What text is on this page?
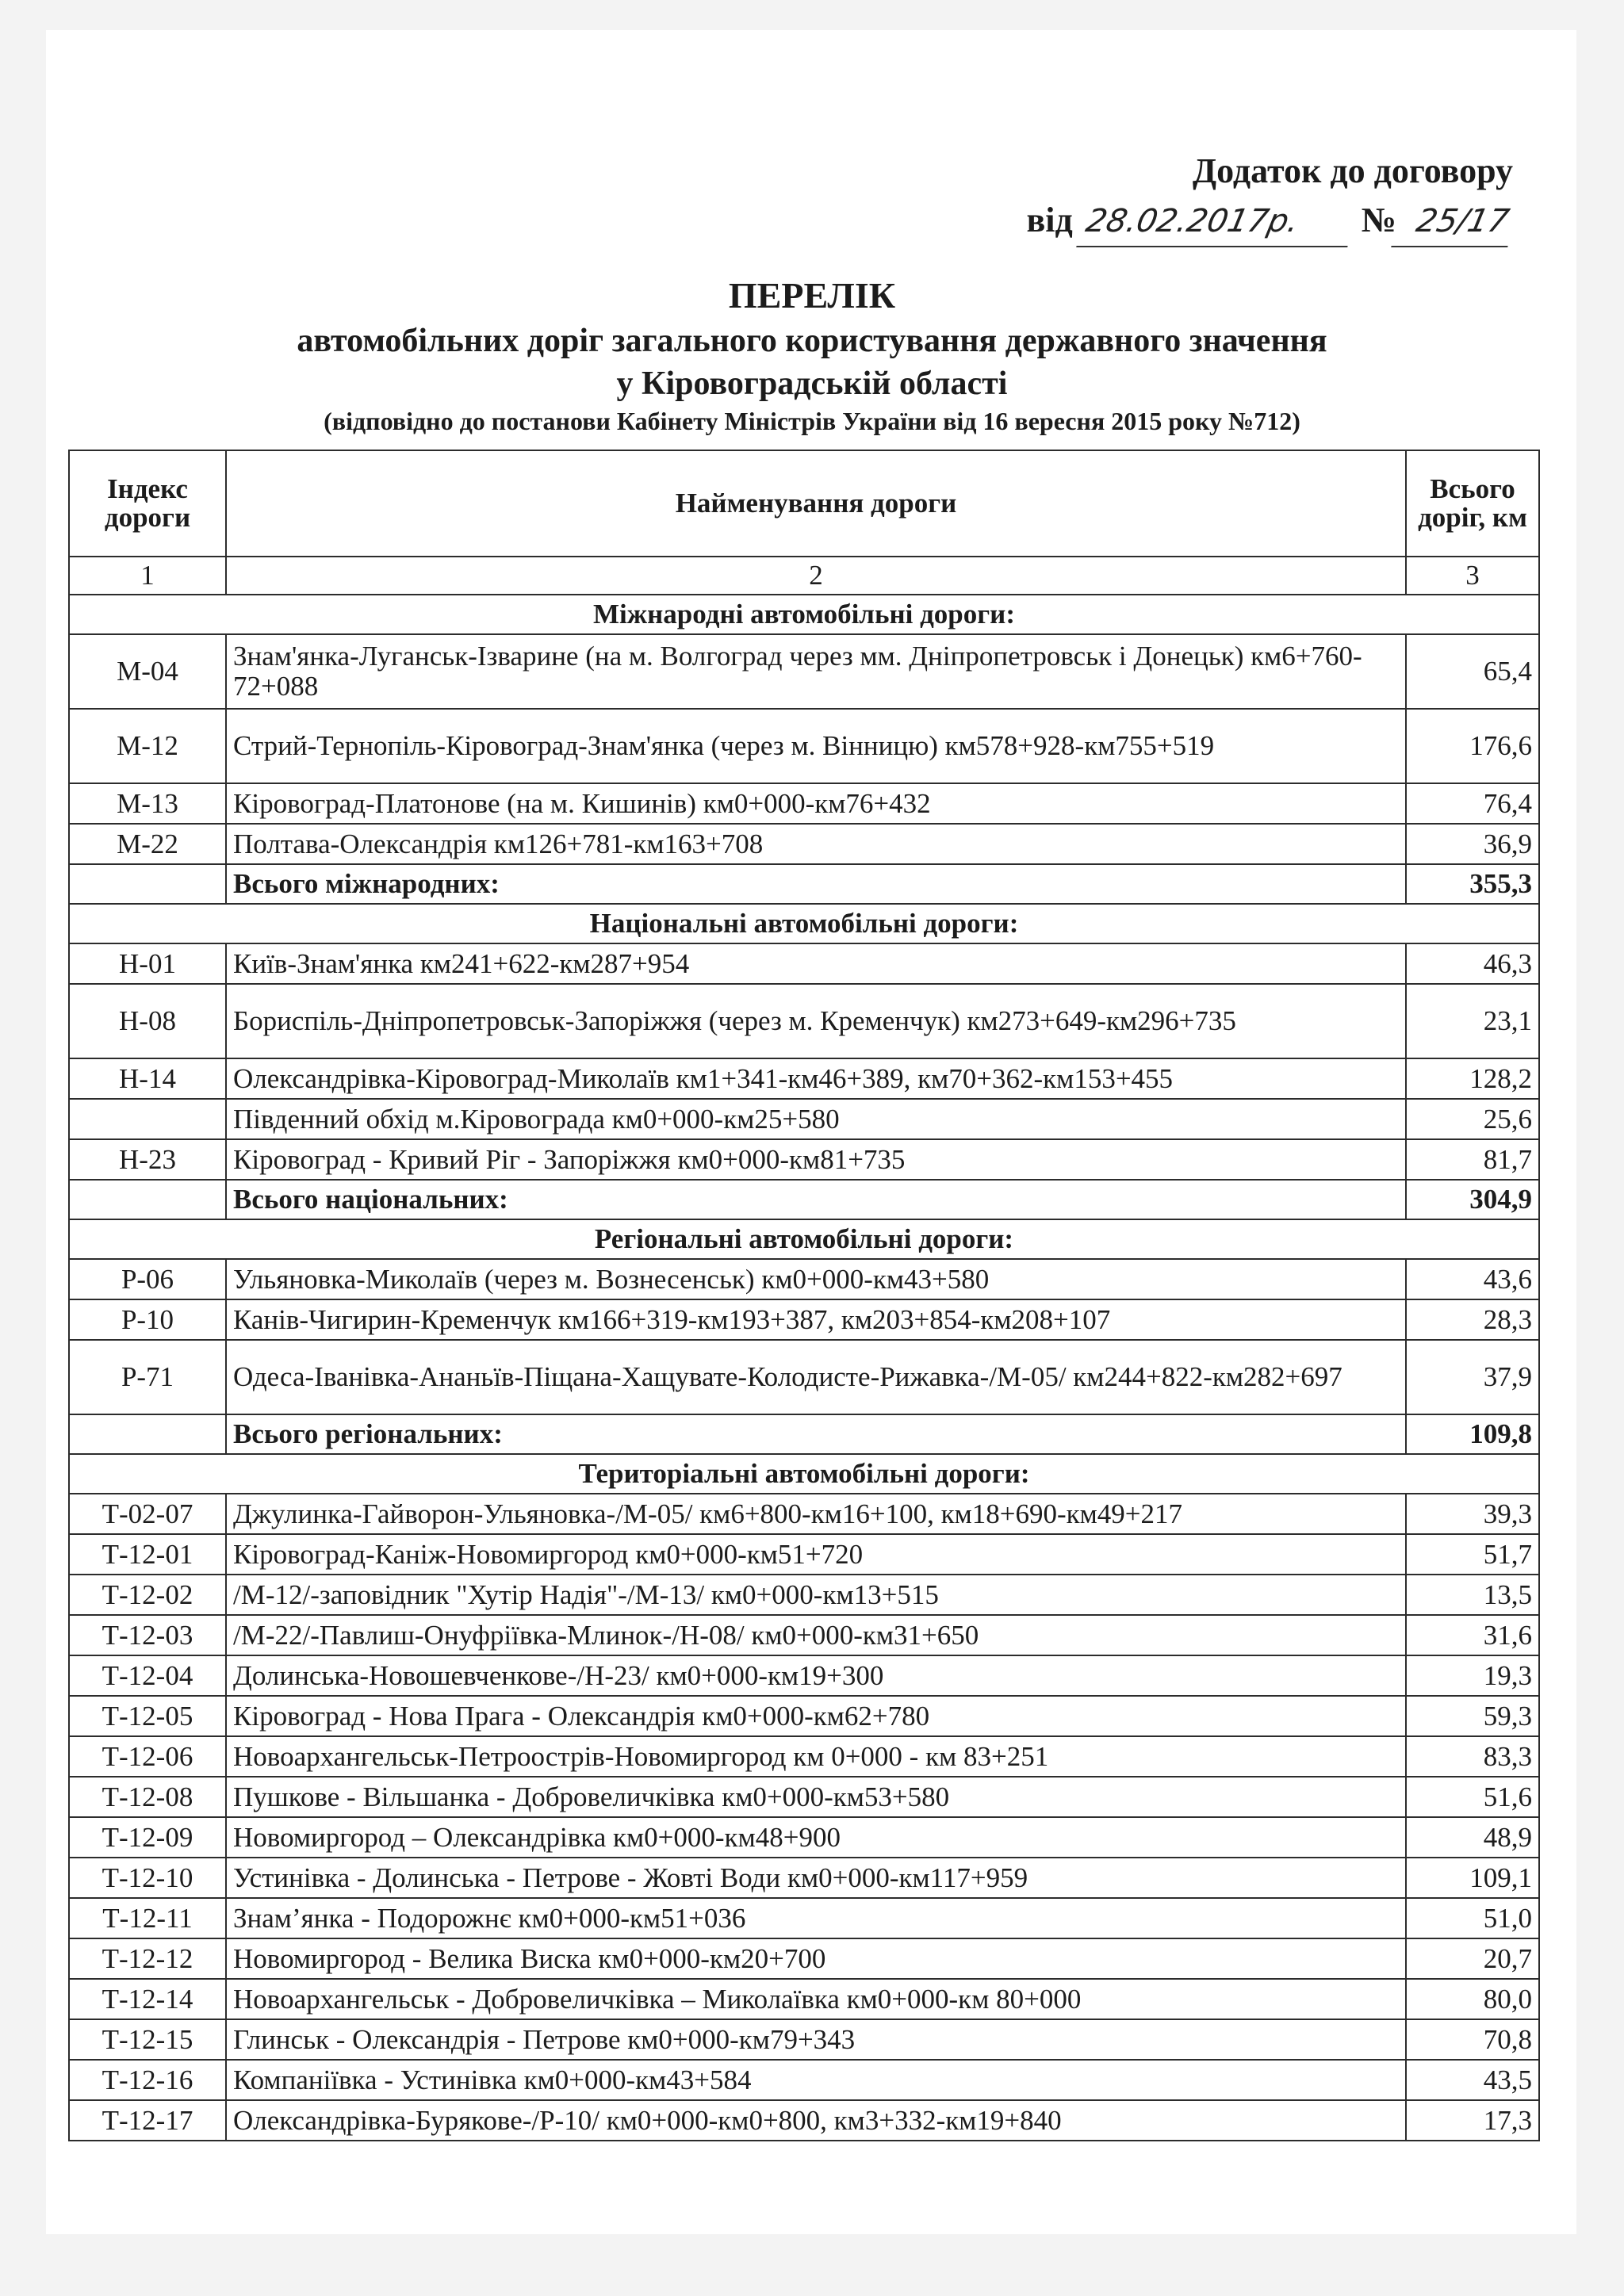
Додаток до договору
від 28.02.2017р. № 25/17
ПЕРЕЛІК
автомобільних доріг загального користування державного значення
у Кіровоградській області
(відповідно до постанови Кабінету Міністрів України від 16 вересня 2015 року №712)
Індекс дороги	Найменування дороги	Всього доріг, км
1	2	3
Міжнародні автомобільні дороги:		
М-04	Знам'янка-Луганськ-Ізварине (на м. Волгоград через мм. Дніпропетровськ і Донецьк) км6+760-72+088	65,4
М-12	Стрий-Тернопіль-Кіровоград-Знам'янка (через м. Вінницю) км578+928-км755+519	176,6
М-13	Кіровоград-Платонове (на м. Кишинів) км0+000-км76+432	76,4
М-22	Полтава-Олександрія км126+781-км163+708	36,9
	Всього міжнародних:	355,3
Національні автомобільні дороги:		
Н-01	Київ-Знам'янка км241+622-км287+954	46,3
Н-08	Бориспіль-Дніпропетровськ-Запоріжжя (через м. Кременчук) км273+649-км296+735	23,1
Н-14	Олександрівка-Кіровоград-Миколаїв км1+341-км46+389, км70+362-км153+455	128,2
	Південний обхід м.Кіровограда км0+000-км25+580	25,6
Н-23	Кіровоград - Кривий Ріг - Запоріжжя км0+000-км81+735	81,7
	Всього національних:	304,9
Регіональні автомобільні дороги:		
Р-06	Ульяновка-Миколаїв (через м. Вознесенськ) км0+000-км43+580	43,6
Р-10	Канів-Чигирин-Кременчук км166+319-км193+387, км203+854-км208+107	28,3
Р-71	Одеса-Іванівка-Ананьїв-Піщана-Хащувате-Колодисте-Рижавка-/М-05/ км244+822-км282+697	37,9
	Всього регіональних:	109,8
Територіальні автомобільні дороги:		
Т-02-07	Джулинка-Гайворон-Ульяновка-/М-05/ км6+800-км16+100, км18+690-км49+217	39,3
Т-12-01	Кіровоград-Каніж-Новомиргород км0+000-км51+720	51,7
Т-12-02	/М-12/-заповідник "Хутір Надія"-/М-13/ км0+000-км13+515	13,5
Т-12-03	/М-22/-Павлиш-Онуфріївка-Млинок-/Н-08/ км0+000-км31+650	31,6
Т-12-04	Долинська-Новошевченкове-/Н-23/ км0+000-км19+300	19,3
Т-12-05	Кіровоград - Нова Прага - Олександрія км0+000-км62+780	59,3
Т-12-06	Новоархангельськ-Петроострів-Новомиргород км 0+000 - км 83+251	83,3
Т-12-08	Пушкове - Вільшанка - Добровеличківка км0+000-км53+580	51,6
Т-12-09	Новомиргород – Олександрівка км0+000-км48+900	48,9
Т-12-10	Устинівка - Долинська - Петрове - Жовті Води км0+000-км117+959	109,1
Т-12-11	Знам’янка - Подорожнє км0+000-км51+036	51,0
Т-12-12	Новомиргород - Велика Виска км0+000-км20+700	20,7
Т-12-14	Новоархангельськ - Добровеличківка – Миколаївка км0+000-км 80+000	80,0
Т-12-15	Глинськ - Олександрія - Петрове км0+000-км79+343	70,8
Т-12-16	Компаніївка - Устинівка км0+000-км43+584	43,5
Т-12-17	Олександрівка-Бурякове-/Р-10/ км0+000-км0+800, км3+332-км19+840	17,3
